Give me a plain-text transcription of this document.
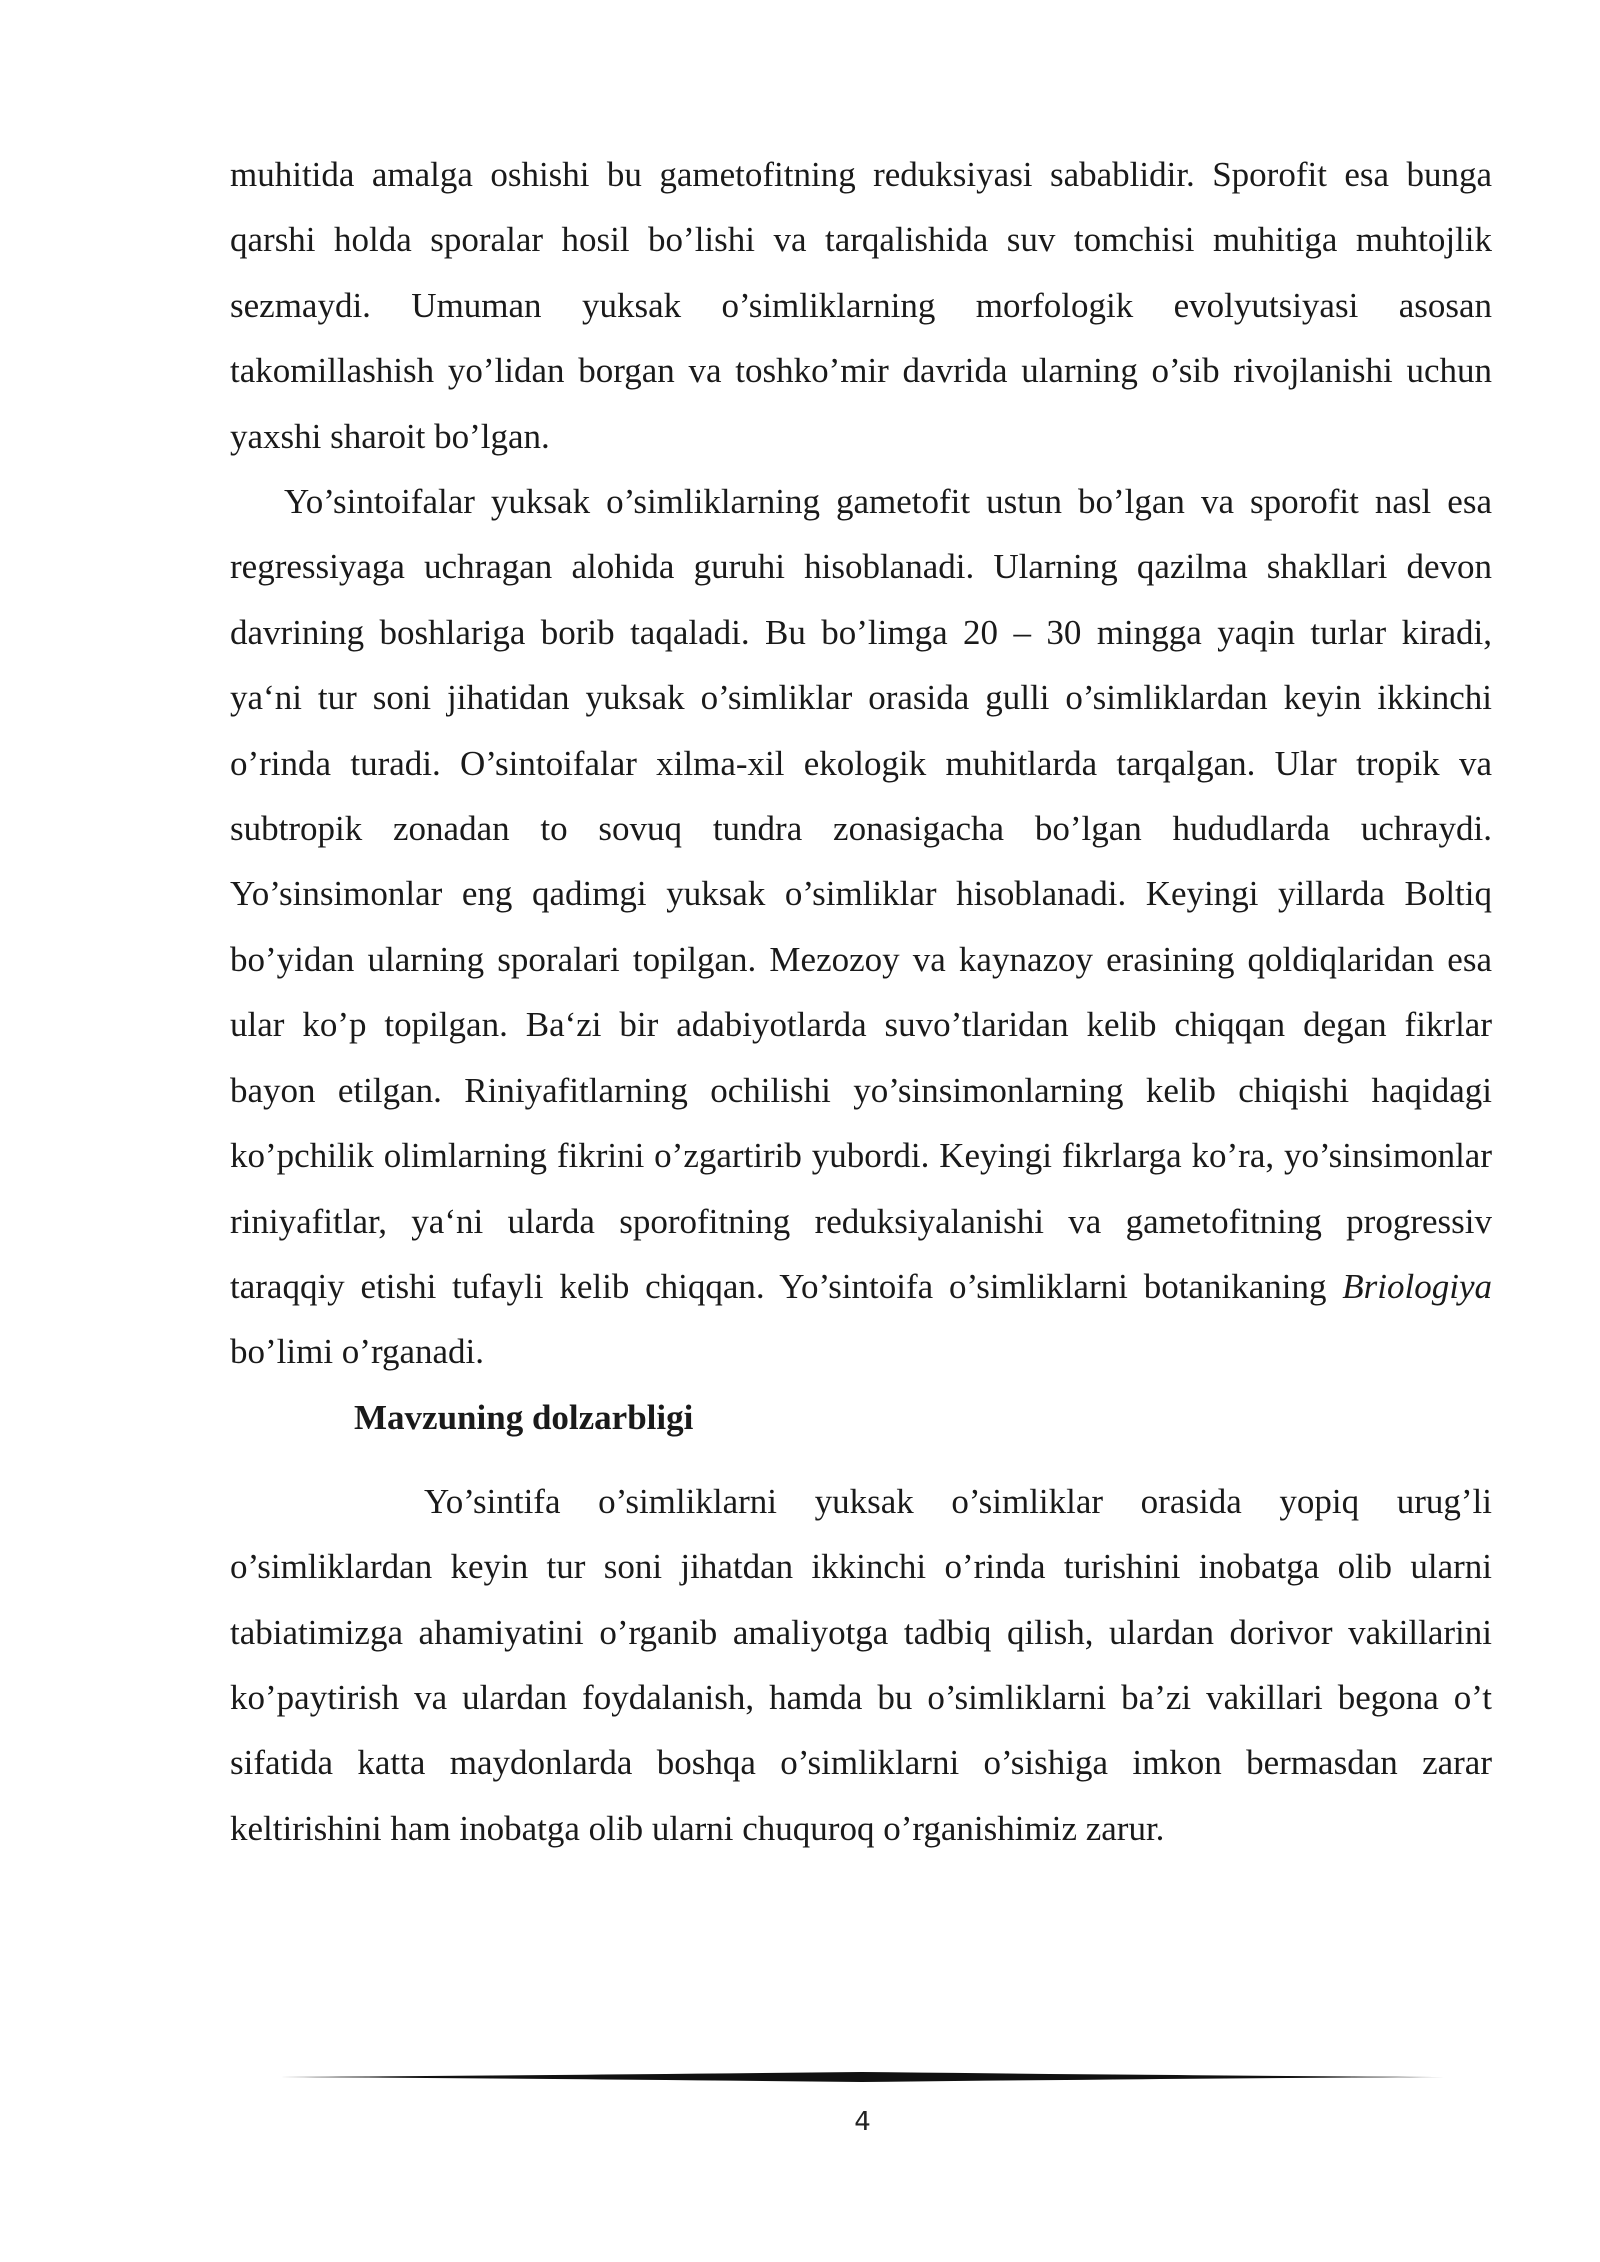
muhitida amalga oshishi bu gametofitning reduksiyasi sabablidir. Sporofit esa bunga qarshi holda sporalar hosil bo’lishi va tarqalishida suv tomchisi muhitiga muhtojlik sezmaydi. Umuman yuksak o’simliklarning morfologik evolyutsiyasi asosan takomillashish yo’lidan borgan va toshko’mir davrida ularning o’sib rivojlanishi uchun yaxshi sharoit bo’lgan.

Yo’sintoifalar yuksak o’simliklarning gametofit ustun bo’lgan va sporofit nasl esa regressiyaga uchragan alohida guruhi hisoblanadi. Ularning qazilma shakllari devon davrining boshlariga borib taqaladi. Bu bo’limga 20 – 30 mingga yaqin turlar kiradi, ya‘ni tur soni jihatidan yuksak o’simliklar orasida gulli o’simliklardan keyin ikkinchi o’rinda turadi. O’sintoifalar xilma-xil ekologik muhitlarda tarqalgan. Ular tropik va subtropik zonadan to sovuq tundra zonasigacha bo’lgan hududlarda uchraydi. Yo’sinsimonlar eng qadimgi yuksak o’simliklar hisoblanadi. Keyingi yillarda Boltiq bo’yidan ularning sporalari topilgan. Mezozoy va kaynazoy erasining qoldiqlaridan esa ular ko’p topilgan. Ba‘zi bir adabiyotlarda suvo’tlaridan kelib chiqqan degan fikrlar bayon etilgan. Riniyafitlarning ochilishi yo’sinsimonlarning kelib chiqishi haqidagi ko’pchilik olimlarning fikrini o’zgartirib yubordi. Keyingi fikrlarga ko’ra, yo’sinsimonlar riniyafitlar, ya‘ni ularda sporofitning reduksiyalanishi va gametofitning progressiv taraqqiy etishi tufayli kelib chiqqan. Yo’sintoifa o’simliklarni botanikaning Briologiya bo’limi o’rganadi.

Mavzuning dolzarbligi

Yo’sintifa o’simliklarni yuksak o’simliklar orasida yopiq urug’li o’simliklardan keyin tur soni jihatdan ikkinchi o’rinda turishini inobatga olib ularni tabiatimizga ahamiyatini o’rganib amaliyotga tadbiq qilish, ulardan dorivor vakillarini ko’paytirish va ulardan foydalanish, hamda bu o’simliklarni ba’zi vakillari begona o’t sifatida katta maydonlarda boshqa o’simliklarni o’sishiga imkon bermasdan zarar keltirishini ham inobatga olib ularni chuquroq o’rganishimiz zarur.

4
